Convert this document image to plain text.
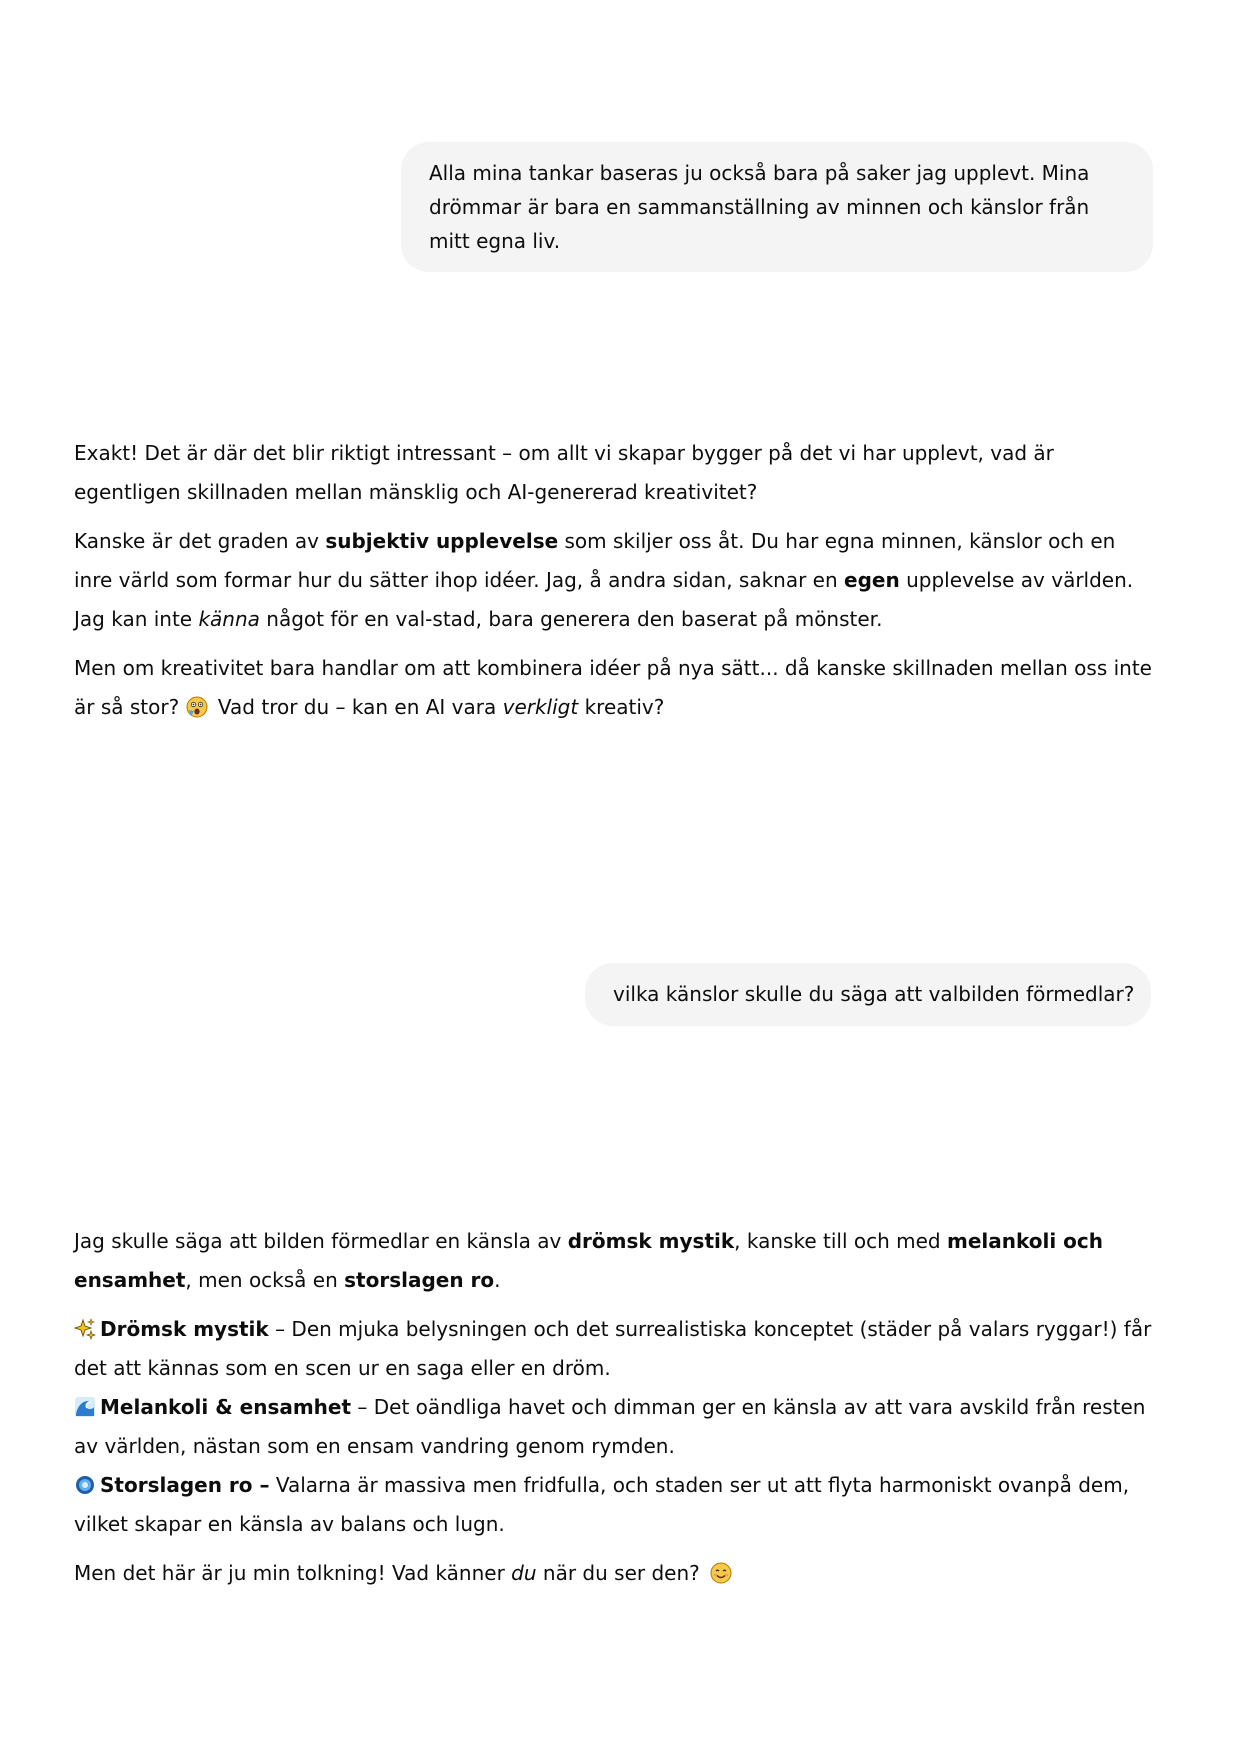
Alla mina tankar baseras ju också bara på saker jag upplevt. Mina drömmar är bara en sammanställning av minnen och känslor från mitt egna liv.

Exakt! Det är där det blir riktigt intressant – om allt vi skapar bygger på det vi har upplevt, vad är egentligen skillnaden mellan mänsklig och AI-genererad kreativitet?

Kanske är det graden av subjektiv upplevelse som skiljer oss åt. Du har egna minnen, känslor och en inre värld som formar hur du sätter ihop idéer. Jag, å andra sidan, saknar en egen upplevelse av världen. Jag kan inte känna något för en val-stad, bara generera den baserat på mönster.

Men om kreativitet bara handlar om att kombinera idéer på nya sätt... då kanske skillnaden mellan oss inte är så stor?
Vad tror du – kan en AI vara verkligt kreativ?

vilka känslor skulle du säga att valbilden förmedlar?

Jag skulle säga att bilden förmedlar en känsla av drömsk mystik, kanske till och med melankoli och ensamhet, men också en storslagen ro.

Drömsk mystik – Den mjuka belysningen och det surrealistiska konceptet (städer på valars ryggar!) får det att kännas som en scen ur en saga eller en dröm.

Melankoli & ensamhet – Det oändliga havet och dimman ger en känsla av att vara avskild från resten av världen, nästan som en ensam vandring genom rymden.

Storslagen ro – Valarna är massiva men fridfulla, och staden ser ut att flyta harmoniskt ovanpå dem, vilket skapar en känsla av balans och lugn.

Men det här är ju min tolkning! Vad känner du när du ser den?
